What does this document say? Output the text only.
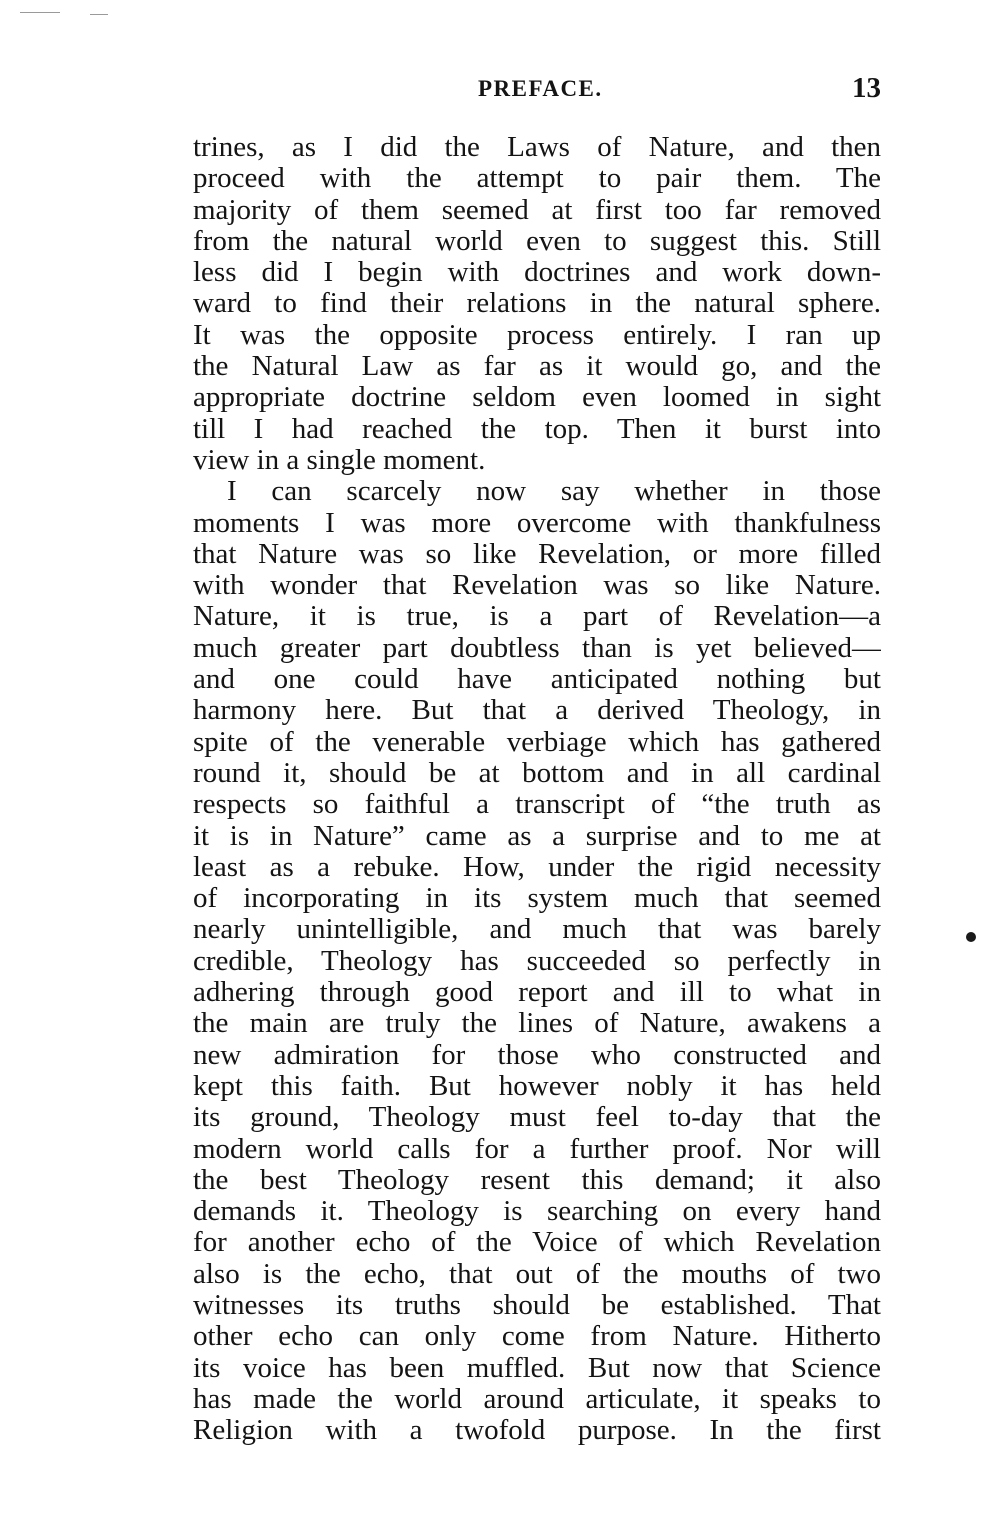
PREFACE.	13
trines, as I did the Laws of Nature, and then
proceed with the attempt to pair them. The
majority of them seemed at first too far removed
from the natural world even to suggest this. Still
less did I begin with doctrines and work down-
ward to find their relations in the natural sphere.
It was the opposite process entirely. I ran up
the Natural Law as far as it would go, and the
appropriate doctrine seldom even loomed in sight
till I had reached the top. Then it burst into
view in a single moment.
I can scarcely now say whether in those
moments I was more overcome with thankfulness
that Nature was so like Revelation, or more filled
with wonder that Revelation was so like Nature.
Nature, it is true, is a part of Revelation—a
much greater part doubtless than is yet believed—
and one could have anticipated nothing but
harmony here. But that a derived Theology, in
spite of the venerable verbiage which has gathered
round it, should be at bottom and in all cardinal
respects so faithful a transcript of “the truth as
it is in Nature” came as a surprise and to me at
least as a rebuke. How, under the rigid necessity
of incorporating in its system much that seemed
nearly unintelligible, and much that was barely
credible, Theology has succeeded so perfectly in
adhering through good report and ill to what in
the main are truly the lines of Nature, awakens a
new admiration for those who constructed and
kept this faith. But however nobly it has held
its ground, Theology must feel to-day that the
modern world calls for a further proof. Nor will
the best Theology resent this demand; it also
demands it. Theology is searching on every hand
for another echo of the Voice of which Revelation
also is the echo, that out of the mouths of two
witnesses its truths should be established. That
other echo can only come from Nature. Hitherto
its voice has been muffled. But now that Science
has made the world around articulate, it speaks to
Religion with a twofold purpose. In the first
